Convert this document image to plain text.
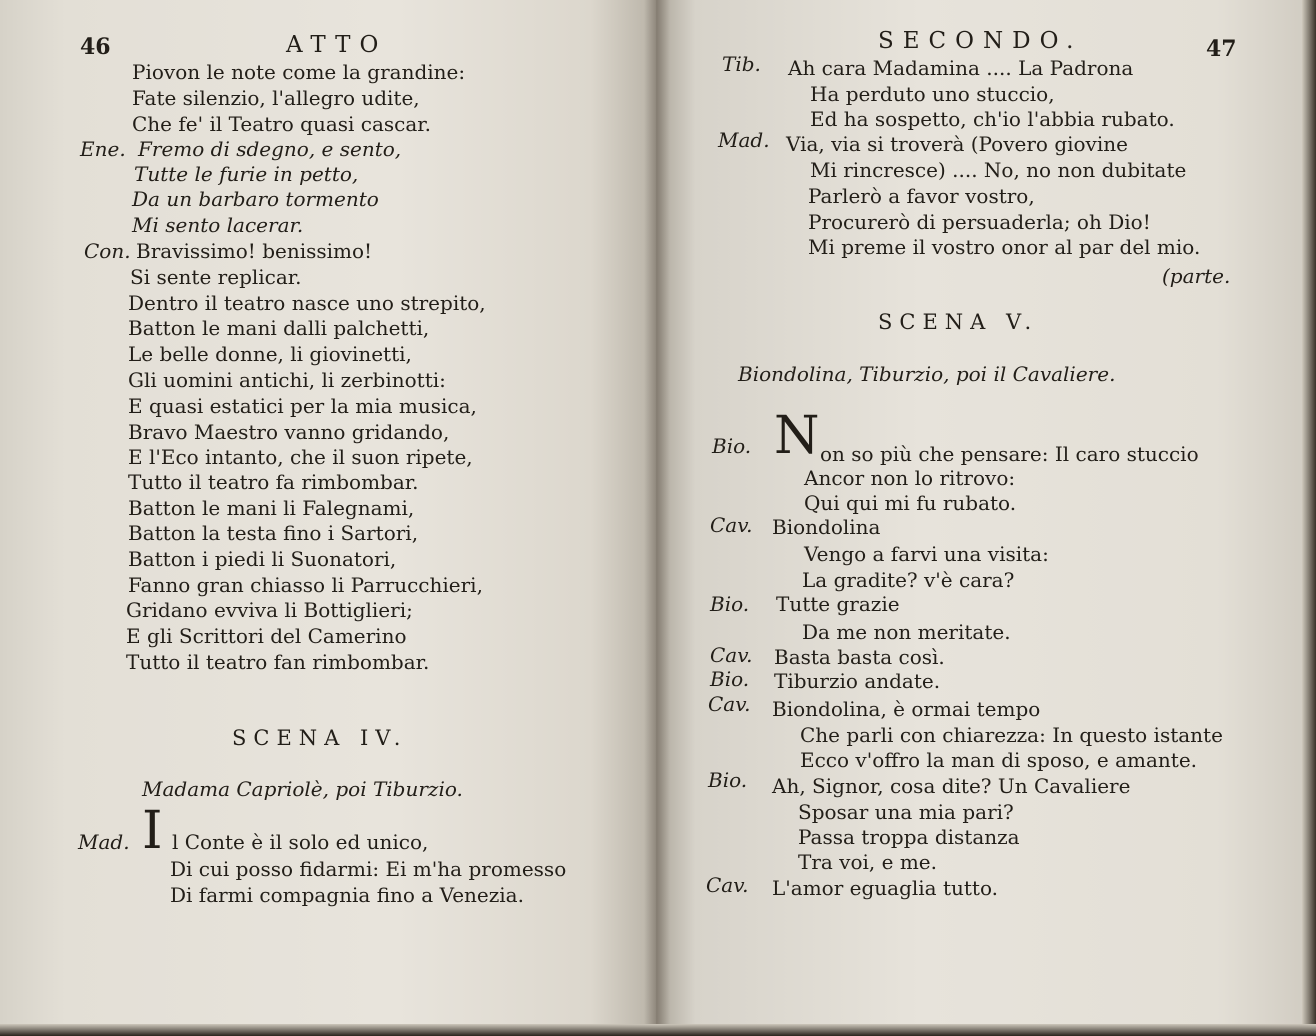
46	ATTO
Piovon le note come la grandine:
Fate silenzio, l'allegro udite,
Che fe' il Teatro quasi cascar.
Ene. Fremo di sdegno, e sento,
Tutte le furie in petto,
Da un barbaro tormento
Mi sento lacerar.
Con. Bravissimo! benissimo!
Si sente replicar.
Dentro il teatro nasce uno strepito,
Batton le mani dalli palchetti,
Le belle donne, li giovinetti,
Gli uomini antichi, li zerbinotti:
E quasi estatici per la mia musica,
Bravo Maestro vanno gridando,
E l'Eco intanto, che il suon ripete,
Tutto il teatro fa rimbombar.
Batton le mani li Falegnami,
Batton la testa fino i Sartori,
Batton i piedi li Suonatori,
Fanno gran chiasso li Parrucchieri,
Gridano evviva li Bottiglieri;
E gli Scrittori del Camerino
Tutto il teatro fan rimbombar.
SCENA IV.
Madama Capriolè, poi Tiburzio.
Mad. I l Conte è il solo ed unico,
Di cui posso fidarmi: Ei m'ha promesso
Di farmi compagnia fino a Venezia.
SECONDO.	47
Tib. Ah cara Madamina .... La Padrona
Ha perduto uno stuccio,
Ed ha sospetto, ch'io l'abbia rubato.
Mad. Via, via si troverà (Povero giovine
Mi rincresce) .... No, no non dubitate
Parlerò a favor vostro,
Procurerò di persuaderla; oh Dio!
Mi preme il vostro onor al par del mio.
(parte.
SCENA V.
Biondolina, Tiburzio, poi il Cavaliere.
Bio. N on so più che pensare: Il caro stuccio
Ancor non lo ritrovo:
Qui qui mi fu rubato.
Cav. Biondolina
Vengo a farvi una visita:
La gradite? v'è cara?
Bio. Tutte grazie
Da me non meritate.
Cav. Basta basta così.
Bio. Tiburzio andate.
Cav. Biondolina, è ormai tempo
Che parli con chiarezza: In questo istante
Ecco v'offro la man di sposo, e amante.
Bio. Ah, Signor, cosa dite? Un Cavaliere
Sposar una mia pari?
Passa troppa distanza
Tra voi, e me.
Cav. L'amor eguaglia tutto.
